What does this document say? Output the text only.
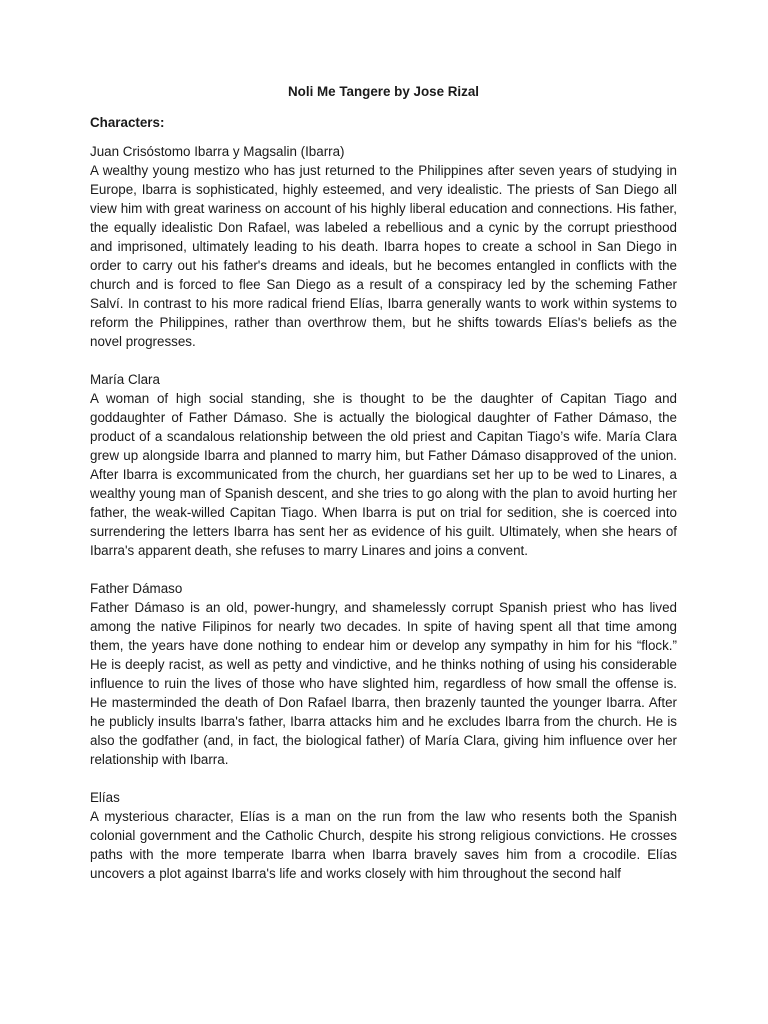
Noli Me Tangere by Jose Rizal
Characters:

Juan Crisóstomo Ibarra y Magsalin (Ibarra)

A wealthy young mestizo who has just returned to the Philippines after seven years of studying in Europe, Ibarra is sophisticated, highly esteemed, and very idealistic. The priests of San Diego all view him with great wariness on account of his highly liberal education and connections. His father, the equally idealistic Don Rafael, was labeled a rebellious and a cynic by the corrupt priesthood and imprisoned, ultimately leading to his death. Ibarra hopes to create a school in San Diego in order to carry out his father's dreams and ideals, but he becomes entangled in conflicts with the church and is forced to flee San Diego as a result of a conspiracy led by the scheming Father Salví. In contrast to his more radical friend Elías, Ibarra generally wants to work within systems to reform the Philippines, rather than overthrow them, but he shifts towards Elías's beliefs as the novel progresses.

María Clara

A woman of high social standing, she is thought to be the daughter of Capitan Tiago and goddaughter of Father Dámaso. She is actually the biological daughter of Father Dámaso, the product of a scandalous relationship between the old priest and Capitan Tiago’s wife. María Clara grew up alongside Ibarra and planned to marry him, but Father Dámaso disapproved of the union. After Ibarra is excommunicated from the church, her guardians set her up to be wed to Linares, a wealthy young man of Spanish descent, and she tries to go along with the plan to avoid hurting her father, the weak-willed Capitan Tiago. When Ibarra is put on trial for sedition, she is coerced into surrendering the letters Ibarra has sent her as evidence of his guilt. Ultimately, when she hears of Ibarra's apparent death, she refuses to marry Linares and joins a convent.

Father Dámaso

Father Dámaso is an old, power-hungry, and shamelessly corrupt Spanish priest who has lived among the native Filipinos for nearly two decades. In spite of having spent all that time among them, the years have done nothing to endear him or develop any sympathy in him for his “flock.” He is deeply racist, as well as petty and vindictive, and he thinks nothing of using his considerable influence to ruin the lives of those who have slighted him, regardless of how small the offense is. He masterminded the death of Don Rafael Ibarra, then brazenly taunted the younger Ibarra. After he publicly insults Ibarra's father, Ibarra attacks him and he excludes Ibarra from the church. He is also the godfather (and, in fact, the biological father) of María Clara, giving him influence over her relationship with Ibarra.

Elías

A mysterious character, Elías is a man on the run from the law who resents both the Spanish colonial government and the Catholic Church, despite his strong religious convictions. He crosses paths with the more temperate Ibarra when Ibarra bravely saves him from a crocodile. Elías uncovers a plot against Ibarra's life and works closely with him throughout the second half
